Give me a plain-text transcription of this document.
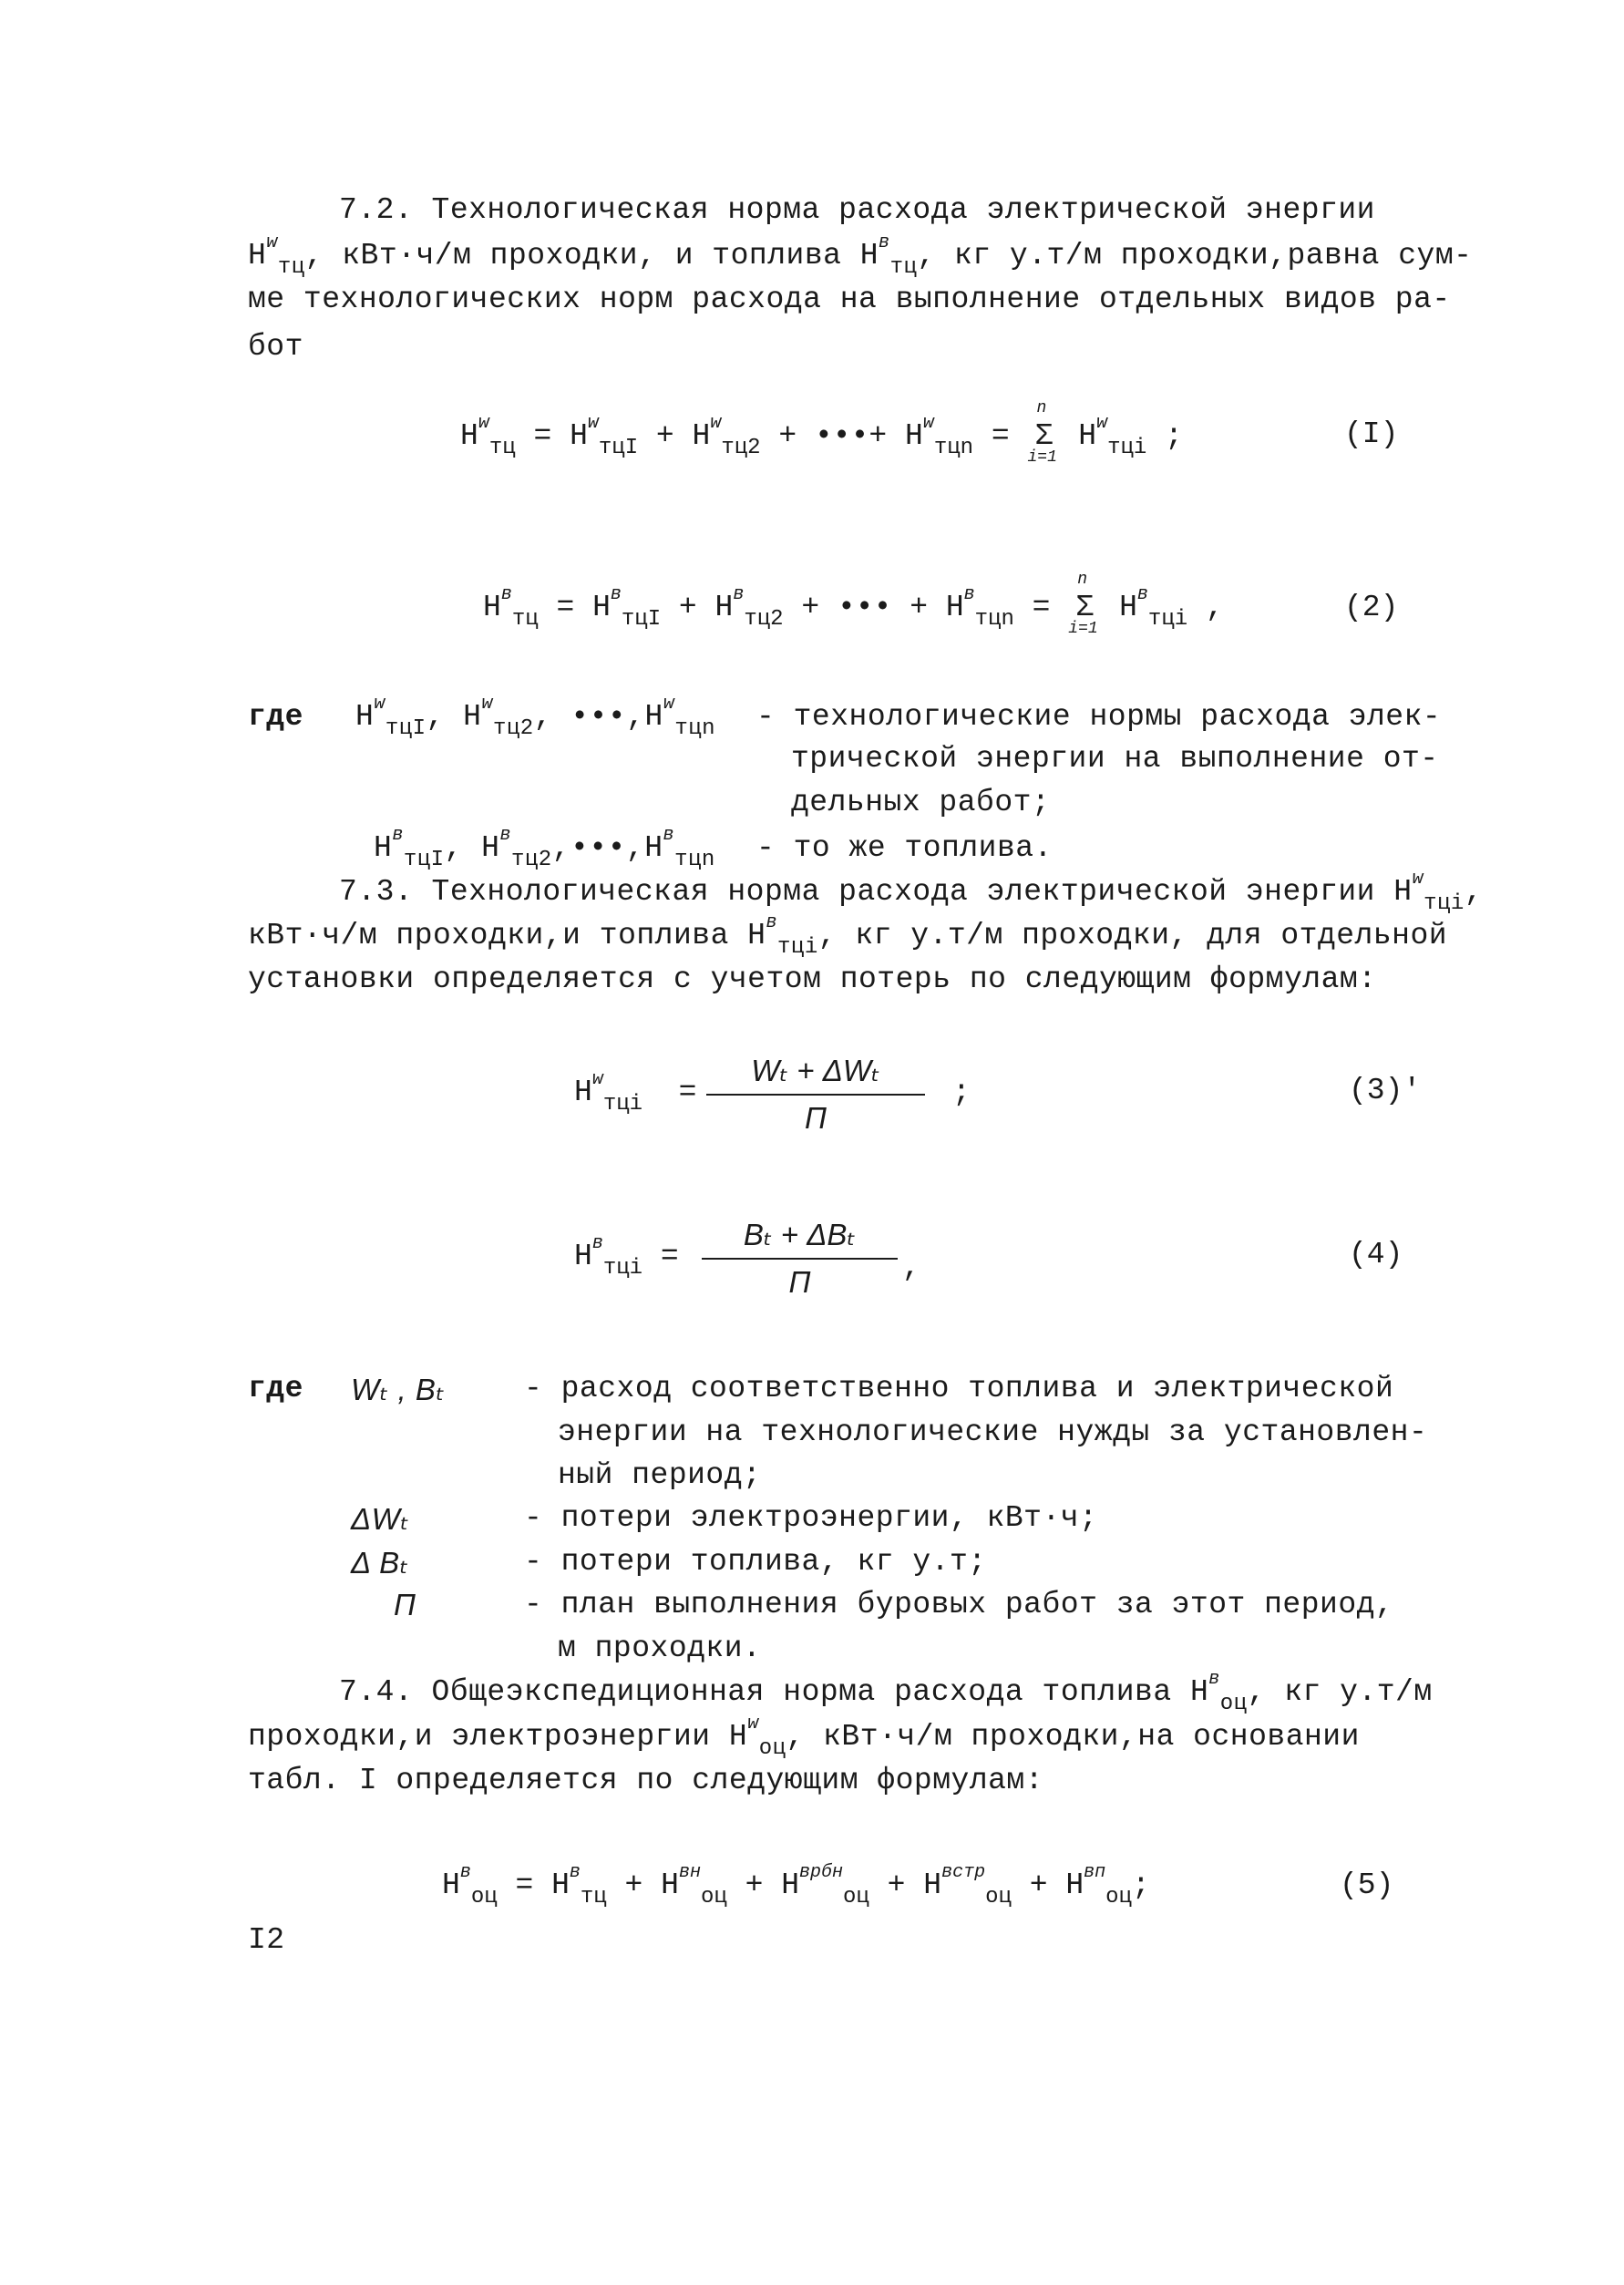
7.2. Технологическая норма расхода электрической энергии
$Н^w_{тц}$, кВт·ч/м проходки, и топлива $Н^в_{тц}$, кг у.т/м проходки,равна сум-
ме технологических норм расхода на выполнение отдельных видов ра-
бот
$Н^w_{тц} = Н^w_{тцI} + Н^w_{тц2}$ + •••+ $Н^w_{тцn}$ =
n
Σ
i=1
$Н^w_{тцi}$ ;	(I)
$Н^в_{тц} = Н^в_{тцI} + Н^в_{тц2}$ + ••• + $Н^в_{тцn}$ =
n
Σ
i=1
$Н^в_{тцi}$ ,	(2)
где $Н^w_{тцI}$, $Н^w_{тц2}$, $•••,Н^w_{тцn}$ - технологические нормы расхода элек-
трической энергии на выполнение от-
дельных работ;
$Н^в_{тцI}$, $Н^в_{тц2},•••,Н^в_{тцn}$ - то же топлива.
7.3. Технологическая норма расхода электрической энергии $Н^w_{тцi}$,
кВт·ч/м проходки,и топлива $Н^в_{тцi}$, кг у.т/м проходки, для отдельной
установки определяется с учетом потерь по следующим формулам:
$Н^w_{тцi}$  =
Wₜ + ΔWₜ
П
;	(3)'
$Н^в_{тцi}$ =
Вₜ + ΔВₜ
П	,	(4)
где Wₜ , Вₜ	- расход соответственно топлива и электрической
энергии на технологические нужды за установлен-
ный период;
ΔWₜ	- потери электроэнергии, кВт·ч;
Δ Вₜ	- потери топлива, кг у.т;
П	- план выполнения буровых работ за этот период,
м проходки.
7.4. Общеэкспедиционная норма расхода топлива $Н^в_{оц}$, кг у.т/м
проходки,и электроэнергии $Н^w_{оц}$, кВт·ч/м проходки,на основании
табл. I определяется по следующим формулам:
$Н^в_{оц} = Н^в_{тц} + Н^{вн}_{оц} + Н^{врбн}_{оц} + Н^{встр}_{оц} + Н^{вп}_{оц}$;	(5)
I2
